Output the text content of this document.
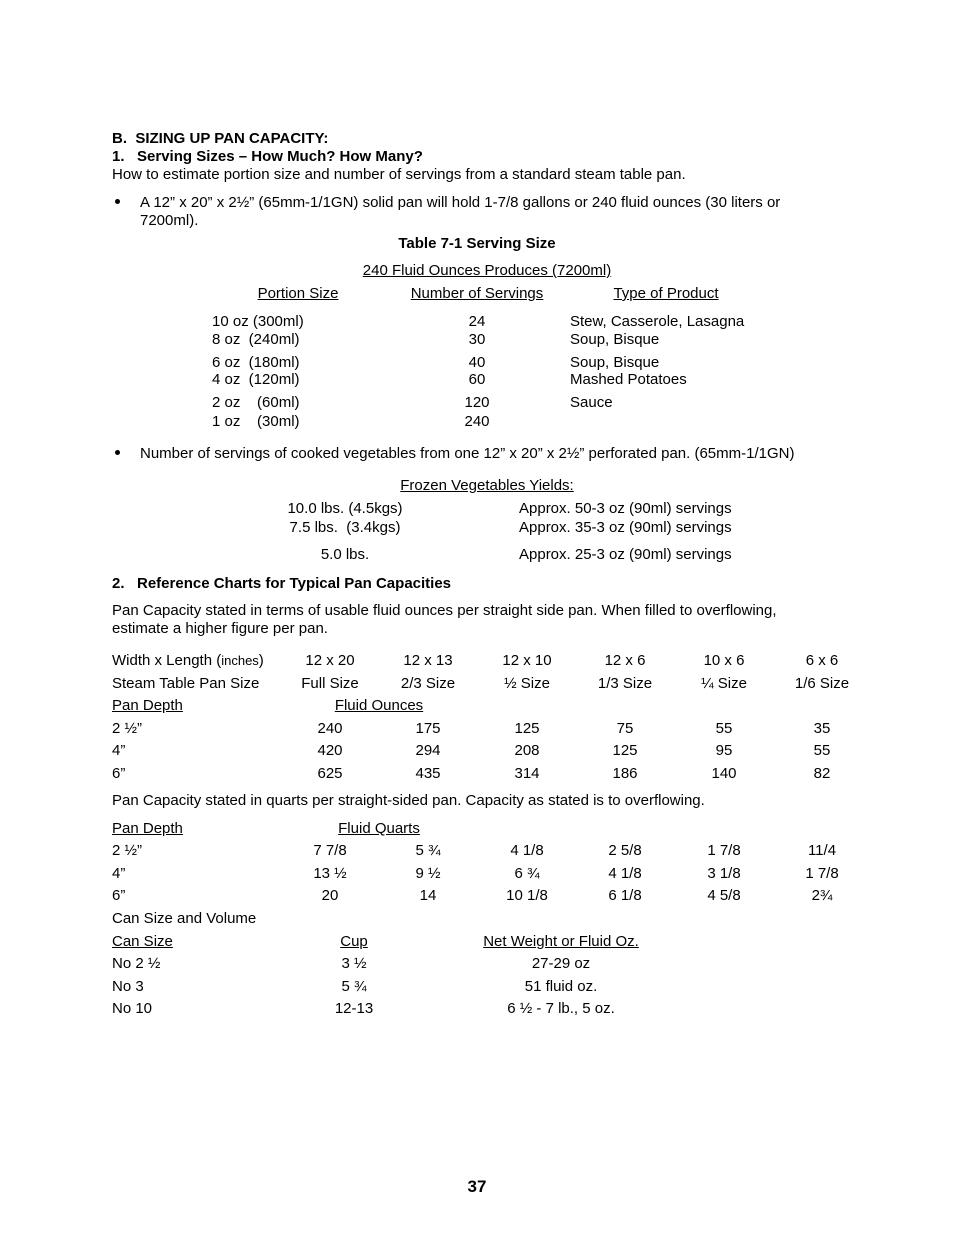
B.  SIZING UP PAN CAPACITY:
1.   Serving Sizes – How Much? How Many?
How to estimate portion size and number of servings from a standard steam table pan.
A 12” x 20” x 2½” (65mm-1/1GN) solid pan will hold 1-7/8 gallons or 240 fluid ounces (30 liters or
7200ml).
Table 7-1 Serving Size
240 Fluid Ounces Produces (7200ml)
Portion Size	Number of Servings	Type of Product
10 oz (300ml)	24	Stew, Casserole, Lasagna
8 oz  (240ml)	30	Soup, Bisque
6 oz  (180ml)	40	Soup, Bisque
4 oz  (120ml)	60	Mashed Potatoes
2 oz    (60ml)	120	Sauce
1 oz    (30ml)	240
Number of servings of cooked vegetables from one 12” x 20” x 2½” perforated pan. (65mm-1/1GN)
Frozen Vegetables Yields:
10.0 lbs. (4.5kgs)	Approx. 50-3 oz (90ml) servings
7.5 lbs.  (3.4kgs)	Approx. 35-3 oz (90ml) servings
5.0 lbs.	Approx. 25-3 oz (90ml) servings
2.   Reference Charts for Typical Pan Capacities
Pan Capacity stated in terms of usable fluid ounces per straight side pan. When filled to overflowing,
estimate a higher figure per pan.
Width x Length (inches)	12 x 20	12 x 13	12 x 10	12 x 6	10 x 6	6 x 6
Steam Table Pan Size	Full Size	2/3 Size	½ Size	1/3 Size	¼ Size	1/6 Size
Pan Depth	Fluid Ounces
2 ½”	240	175	125	75	55	35
4”	420	294	208	125	95	55
6”	625	435	314	186	140	82
Pan Capacity stated in quarts per straight-sided pan. Capacity as stated is to overflowing.
Pan Depth	Fluid Quarts
2 ½”	7 7/8	5 ¾	4 1/8	2 5/8	1 7/8	11/4
4”	13 ½	9 ½	6 ¾	4 1/8	3 1/8	1 7/8
6”	20	14	10 1/8	6 1/8	4 5/8	2¾
Can Size and Volume
Can Size	Cup	Net Weight or Fluid Oz.
No 2 ½	3 ½	27-29 oz
No 3	5 ¾	51 fluid oz.
No 10	12-13	6 ½ - 7 lb., 5 oz.
37
